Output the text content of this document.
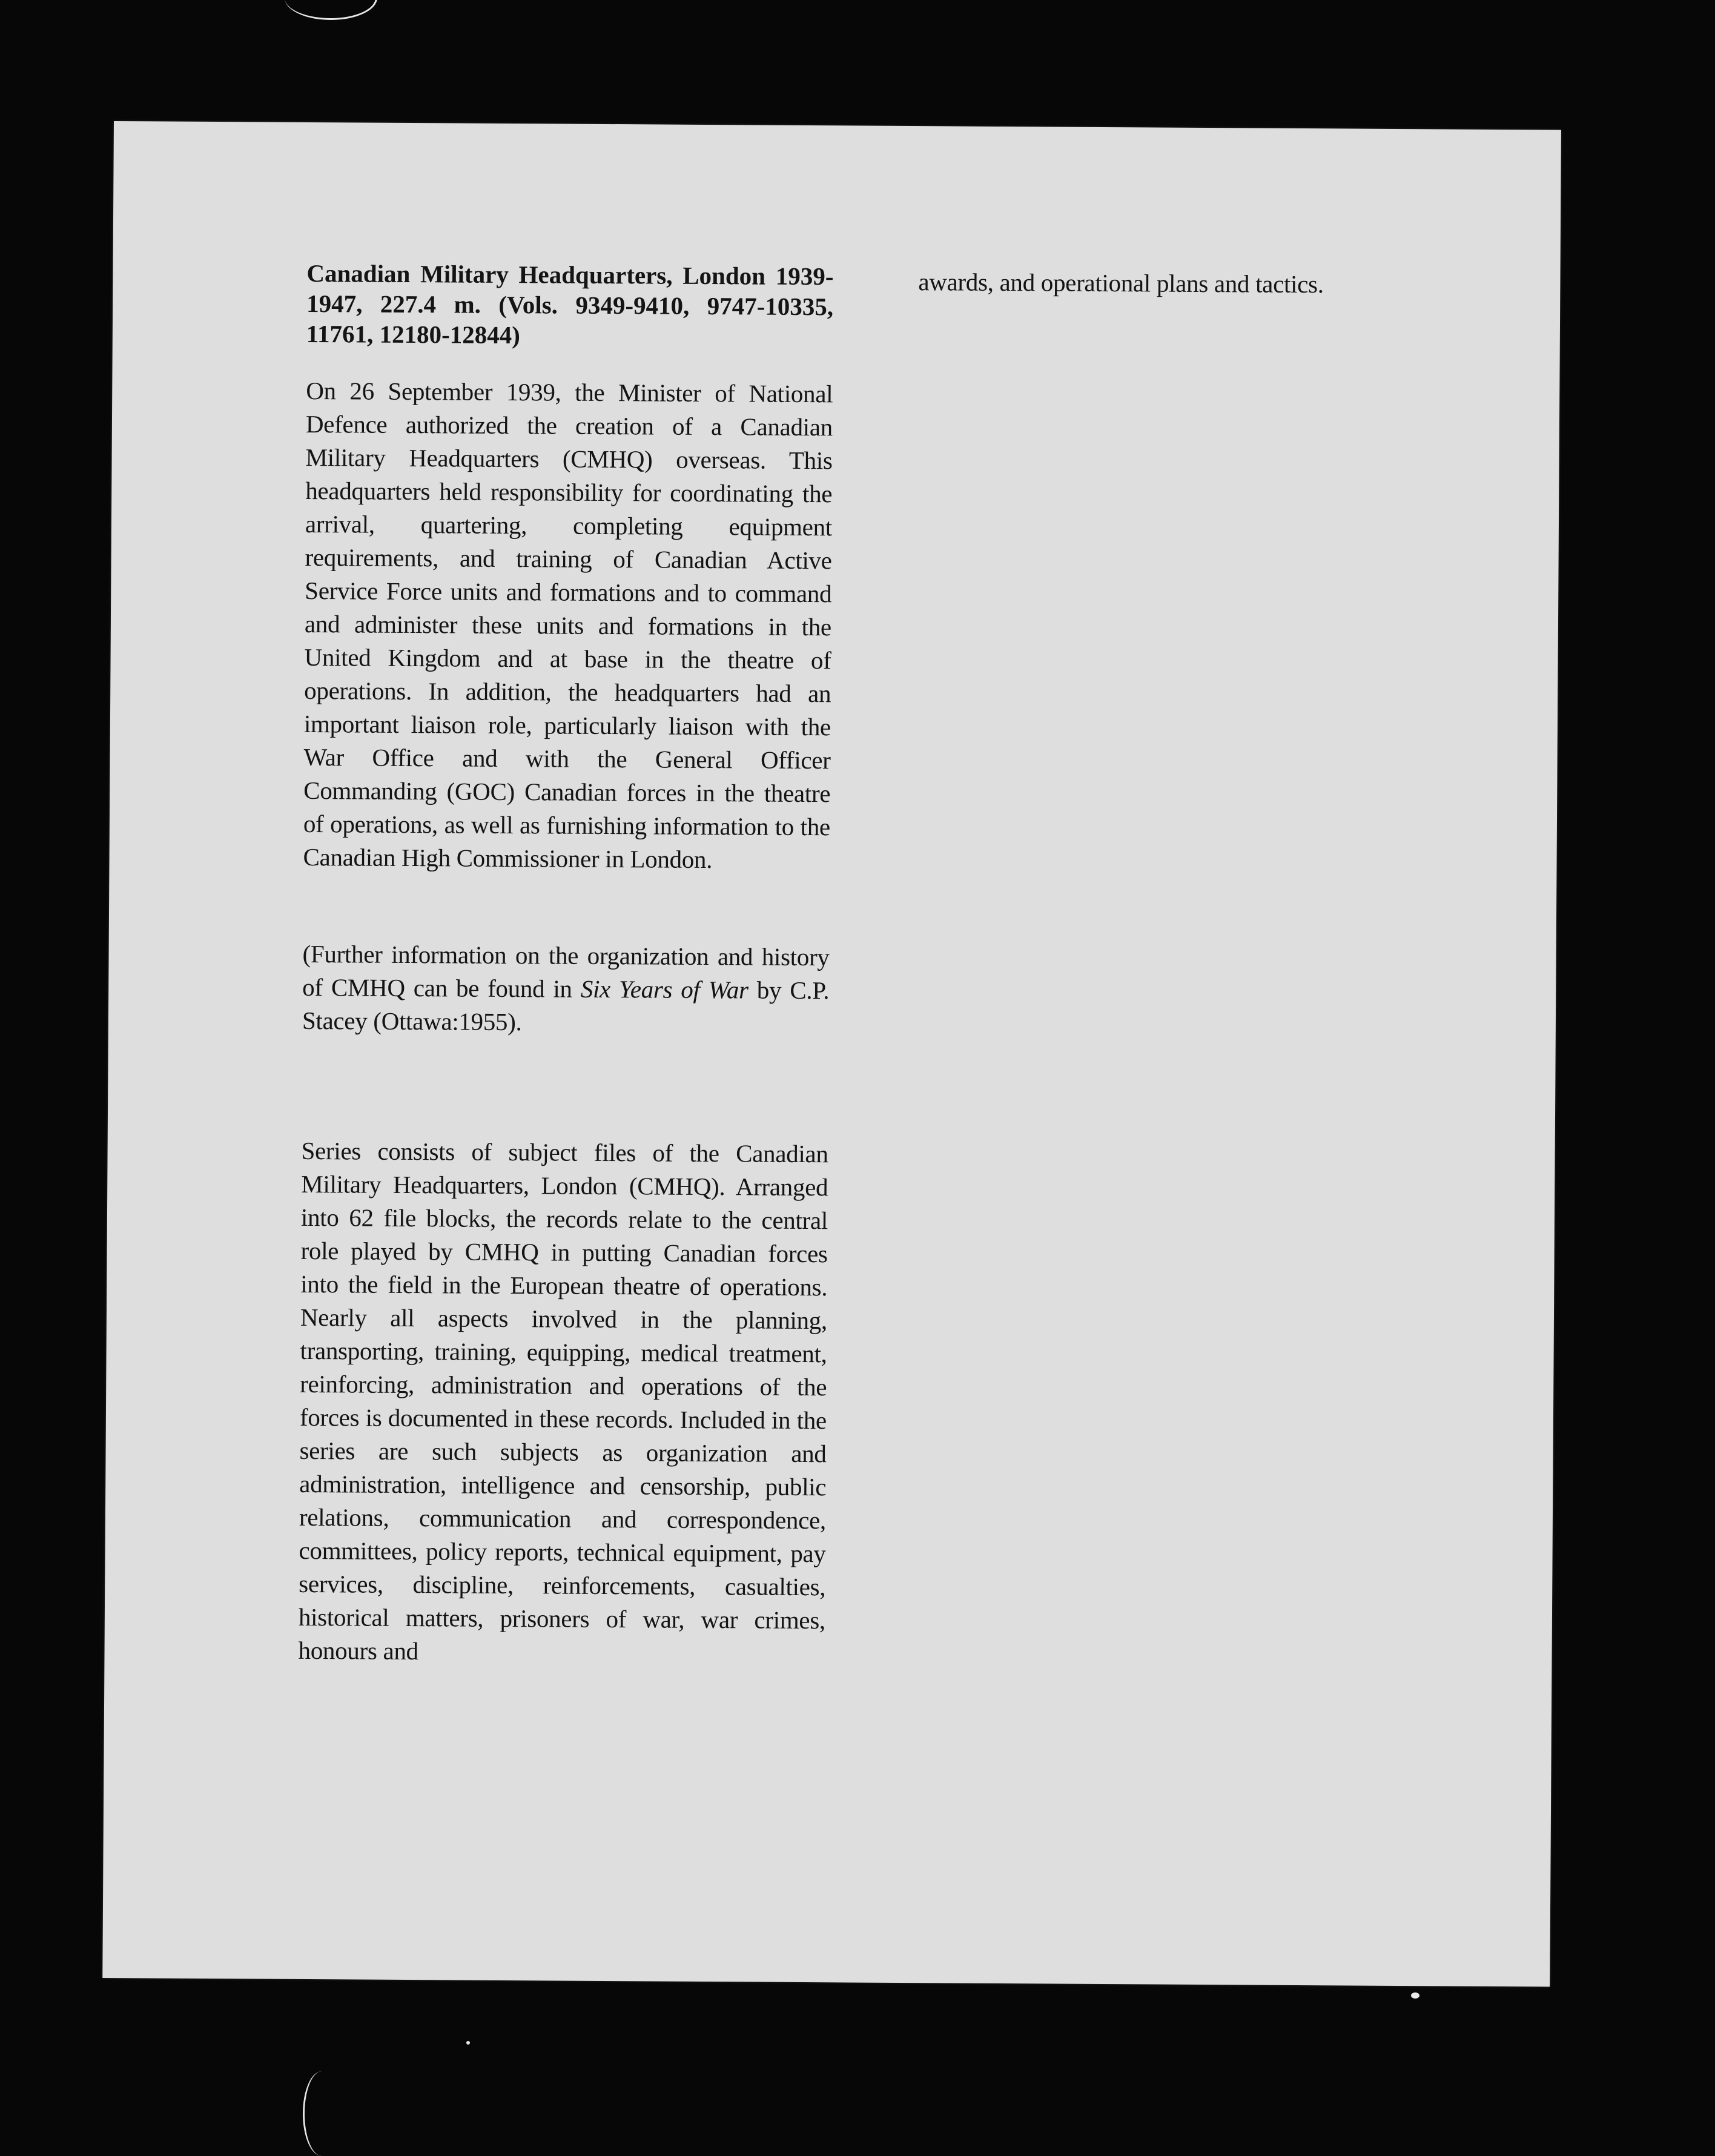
Canadian Military Headquarters, London 1939-1947, 227.4 m. (Vols. 9349-9410, 9747-10335, 11761, 12180-12844)

On 26 September 1939, the Minister of National Defence authorized the creation of a Canadian Military Headquarters (CMHQ) overseas. This headquarters held responsibility for coordinating the arrival, quartering, completing equipment requirements, and training of Canadian Active Service Force units and formations and to command and administer these units and formations in the United Kingdom and at base in the theatre of operations. In addition, the headquarters had an important liaison role, particularly liaison with the War Office and with the General Officer Commanding (GOC) Canadian forces in the theatre of operations, as well as furnishing information to the Canadian High Commissioner in London.

(Further information on the organization and history of CMHQ can be found in Six Years of War by C.P. Stacey (Ottawa:1955).

Series consists of subject files of the Canadian Military Headquarters, London (CMHQ). Arranged into 62 file blocks, the records relate to the central role played by CMHQ in putting Canadian forces into the field in the European theatre of operations. Nearly all aspects involved in the planning, transporting, training, equipping, medical treatment, reinforcing, administration and operations of the forces is documented in these records. Included in the series are such subjects as organization and administration, intelligence and censorship, public relations, communication and correspondence, committees, policy reports, technical equipment, pay services, discipline, reinforcements, casualties, historical matters, prisoners of war, war crimes, honours and

awards, and operational plans and tactics.
